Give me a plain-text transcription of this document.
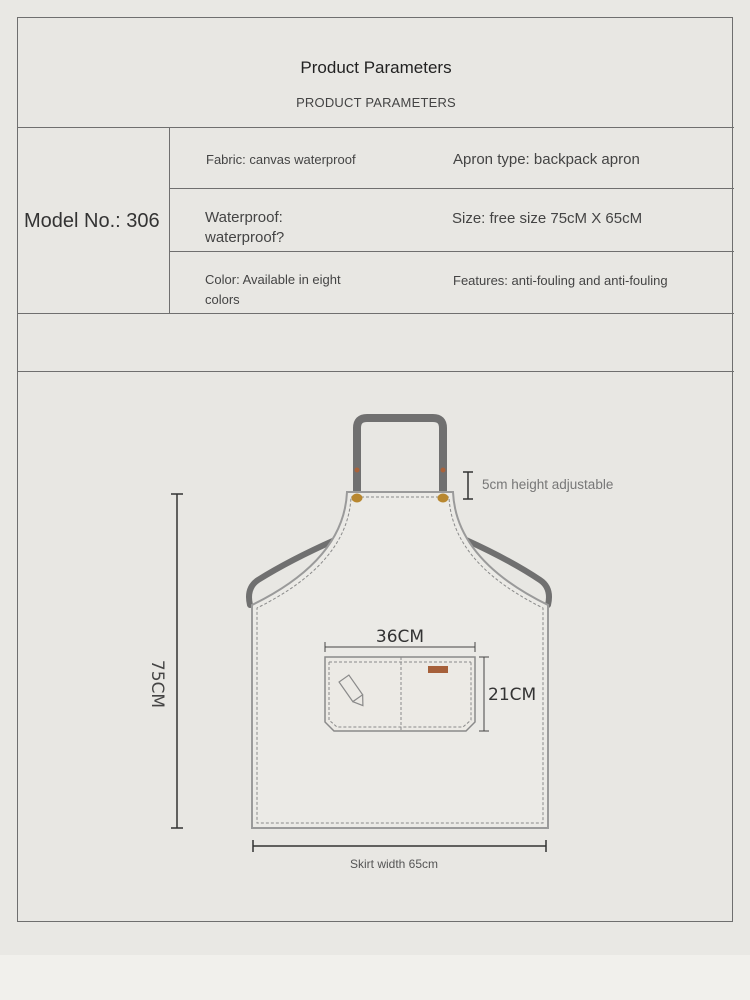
Product Parameters
PRODUCT PARAMETERS
Model No.: 306
Fabric: canvas waterproof	Apron type: backpack apron
Waterproof: waterproof?
Size: free size 75cM X 65cM
Color: Available in eight colors
Features: anti-fouling and anti-fouling
75CM
5cm height adjustable
36CM
21CM
Skirt width 65cm
